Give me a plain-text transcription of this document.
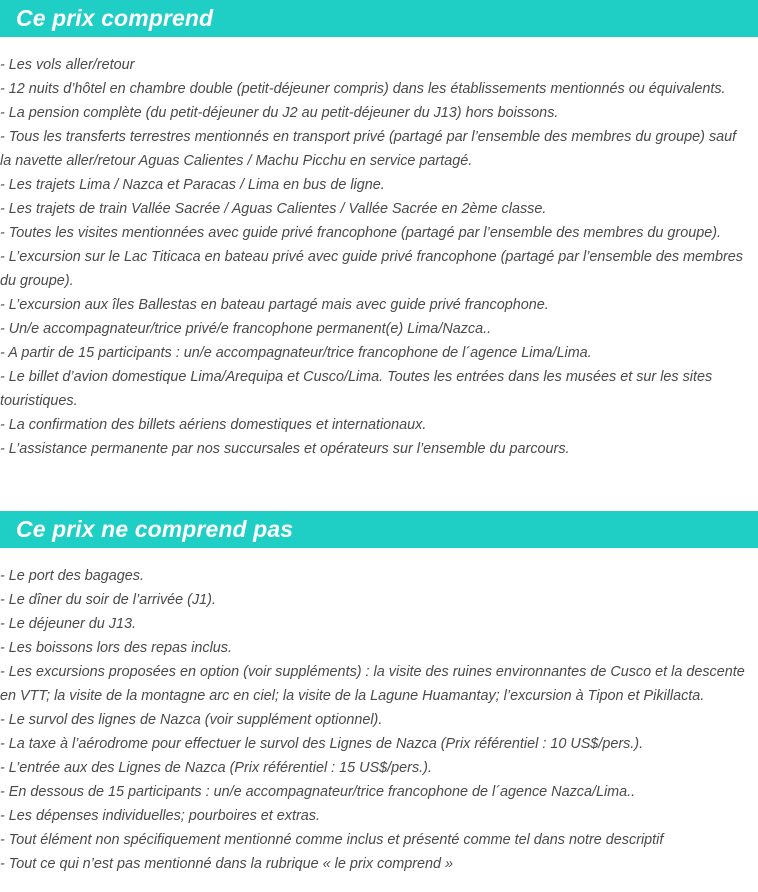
Ce prix comprend
- Les vols aller/retour
- 12 nuits d’hôtel en chambre double (petit-déjeuner compris) dans les établissements mentionnés ou équivalents.
- La pension complète (du petit-déjeuner du J2 au petit-déjeuner du J13) hors boissons.
- Tous les transferts terrestres mentionnés en transport privé (partagé par l’ensemble des membres du groupe) sauf la navette aller/retour Aguas Calientes / Machu Picchu en service partagé.
- Les trajets Lima / Nazca et Paracas / Lima en bus de ligne.
- Les trajets de train Vallée Sacrée / Aguas Calientes / Vallée Sacrée en 2ème classe.
- Toutes les visites mentionnées avec guide privé francophone (partagé par l’ensemble des membres du groupe).
- L’excursion sur le Lac Titicaca en bateau privé avec guide privé francophone (partagé par l’ensemble des membres du groupe).
- L’excursion aux îles Ballestas en bateau partagé mais avec guide privé francophone.
- Un/e accompagnateur/trice privé/e francophone permanent(e) Lima/Nazca..
- A partir de 15 participants : un/e accompagnateur/trice francophone de l´agence Lima/Lima.
- Le billet d’avion domestique Lima/Arequipa et Cusco/Lima. Toutes les entrées dans les musées et sur les sites touristiques.
- La confirmation des billets aériens domestiques et internationaux.
- L’assistance permanente par nos succursales et opérateurs sur l’ensemble du parcours.
Ce prix ne comprend pas
- Le port des bagages.
- Le dîner du soir de l’arrivée (J1).
- Le déjeuner du J13.
- Les boissons lors des repas inclus.
- Les excursions proposées en option (voir suppléments) : la visite des ruines environnantes de Cusco et la descente en VTT; la visite de la montagne arc en ciel; la visite de la Lagune Huamantay; l’excursion à Tipon et Pikillacta.
- Le survol des lignes de Nazca (voir supplément optionnel).
- La taxe à l’aérodrome pour effectuer le survol des Lignes de Nazca (Prix référentiel : 10 US$/pers.).
- L’entrée aux des Lignes de Nazca (Prix référentiel : 15 US$/pers.).
- En dessous de 15 participants : un/e accompagnateur/trice francophone de l´agence Nazca/Lima..
- Les dépenses individuelles; pourboires et extras.
- Tout élément non spécifiquement mentionné comme inclus et présenté comme tel dans notre descriptif
- Tout ce qui n’est pas mentionné dans la rubrique « le prix comprend »
